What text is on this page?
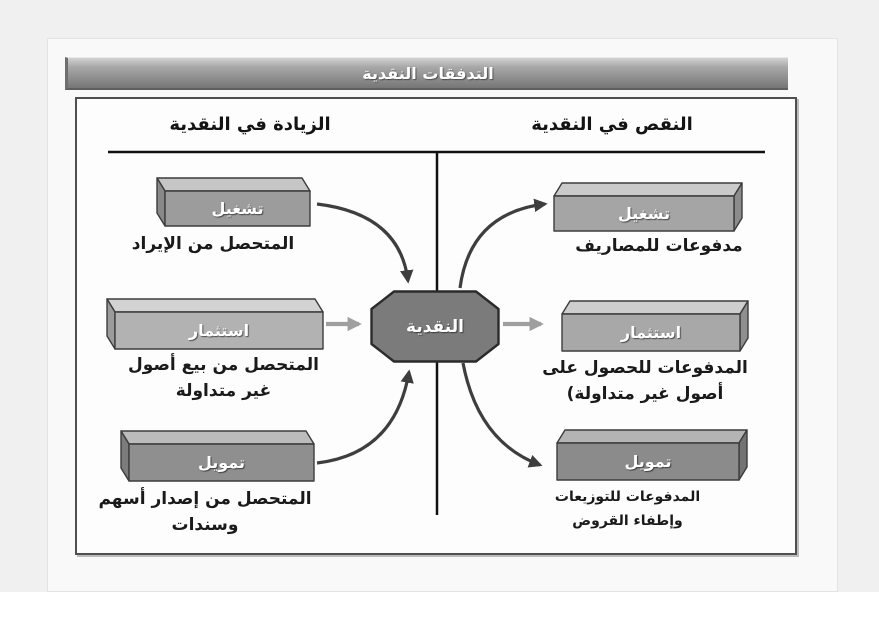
التدفقات النقدية
الزيادة في النقدية	النقص في النقدية
تشغيل
استثمار
تمويل
تشغيل
استثمار
تمويل
المتحصل من الإيراد
المتحصل من بيع أصول غير متداولة
المتحصل من إصدار أسهم وسندات
مدفوعات للمصاريف
المدفوعات للحصول على أصول غير متداولة)
المدفوعات للتوزيعات وإطفاء القروض
النقدية
